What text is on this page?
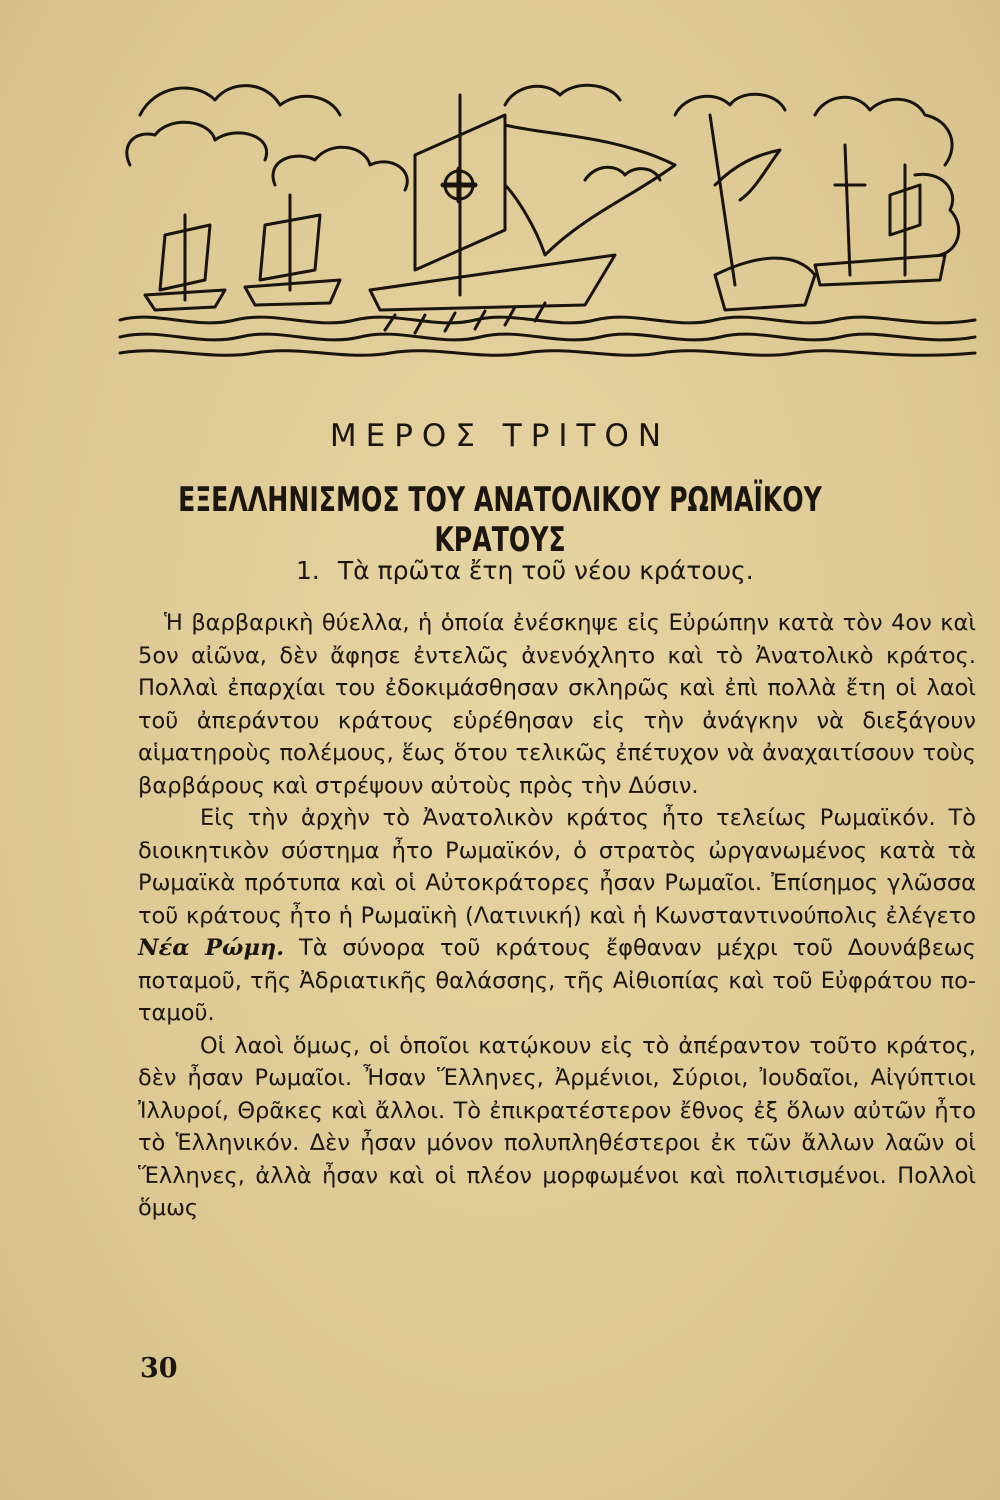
ΜΕΡΟΣ ΤΡΙΤΟΝ
ΕΞΕΛΛΗΝΙΣΜΟΣ ΤΟΥ ΑΝΑΤΟΛΙΚΟΥ ΡΩΜΑΪΚΟΥ ΚΡΑΤΟΥΣ
1. Τὰ πρῶτα ἔτη τοῦ νέου κράτους.

Ἡ βαρβαρικὴ θύελλα, ἡ ὁποία ἐνέσκηψε εἰς Εὐρώπην κατὰ τὸν 4ον καὶ 5ον αἰῶνα, δὲν ἄφησε ἐντελῶς ἀνενόχλητο καὶ τὸ Ἀνατολικὸ κράτος. Πολλαὶ ἐπαρχίαι του ἐδοκιμάσθησαν σκληρῶς καὶ ἐπὶ πολλὰ ἔτη οἱ λαοὶ τοῦ ἀπεράντου κράτους εὑρέθησαν εἰς τὴν ἀνάγκην νὰ διεξάγουν αἱματηροὺς πολέμους, ἕως ὅτου τελικῶς ἐπέτυχον νὰ ἀναχαιτίσουν τοὺς βαρβάρους καὶ στρέψουν αὐτοὺς πρὸς τὴν Δύσιν.

Εἰς τὴν ἀρχὴν τὸ Ἀνατολικὸν κράτος ἦτο τελείως Ρωμαϊκόν. Τὸ διοικητικὸν σύστημα ἦτο Ρωμαϊκόν, ὁ στρατὸς ὠργανωμένος κατὰ τὰ Ρωμαϊκὰ πρότυπα καὶ οἱ Αὐτοκράτορες ἦσαν Ρωμαῖοι. Ἐπίσημος γλῶσσα τοῦ κράτους ἦτο ἡ Ρωμαϊκὴ (Λατινική) καὶ ἡ Κωνσταντινούπολις ἐλέγετο Νέα Ρώμη. Τὰ σύνορα τοῦ κράτους ἔφθαναν μέχρι τοῦ Δουνάβεως ποταμοῦ, τῆς Ἀδριατικῆς θαλάσσης, τῆς Αἰθιοπίας καὶ τοῦ Εὐφράτου ποταμοῦ.

Οἱ λαοὶ ὅμως, οἱ ὁποῖοι κατῴκουν εἰς τὸ ἀπέραντον τοῦτο κράτος, δὲν ἦσαν Ρωμαῖοι. Ἦσαν Ἕλληνες, Ἀρμένιοι, Σύριοι, Ἰουδαῖοι, Αἰγύπτιοι Ἰλλυροί, Θρᾶκες καὶ ἄλλοι. Τὸ ἐπικρατέστερον ἔθνος ἐξ ὅλων αὐτῶν ἦτο τὸ Ἑλληνικόν. Δὲν ἦσαν μόνον πολυπληθέστεροι ἐκ τῶν ἄλλων λαῶν οἱ Ἕλληνες, ἀλλὰ ἦσαν καὶ οἱ πλέον μορφωμένοι καὶ πολιτισμένοι. Πολλοὶ ὅμως

30
